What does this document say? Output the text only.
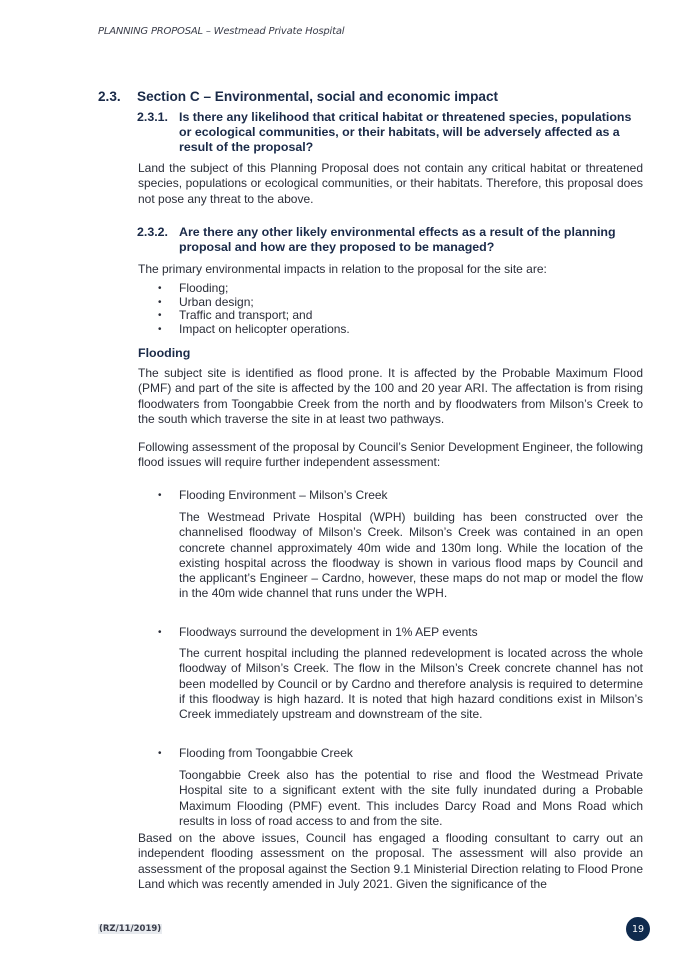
PLANNING PROPOSAL – Westmead Private Hospital
2.3.	Section C – Environmental, social and economic impact
2.3.1. Is there any likelihood that critical habitat or threatened species, populations or ecological communities, or their habitats, will be adversely affected as a result of the proposal?
Land the subject of this Planning Proposal does not contain any critical habitat or threatened species, populations or ecological communities, or their habitats. Therefore, this proposal does not pose any threat to the above.
2.3.2. Are there any other likely environmental effects as a result of the planning proposal and how are they proposed to be managed?
The primary environmental impacts in relation to the proposal for the site are:
•	Flooding;
•	Urban design;
•	Traffic and transport; and
•	Impact on helicopter operations.
Flooding
The subject site is identified as flood prone. It is affected by the Probable Maximum Flood (PMF) and part of the site is affected by the 100 and 20 year ARI. The affectation is from rising floodwaters from Toongabbie Creek from the north and by floodwaters from Milson’s Creek to the south which traverse the site in at least two pathways.
Following assessment of the proposal by Council’s Senior Development Engineer, the following flood issues will require further independent assessment:
•	Flooding Environment – Milson’s Creek
The Westmead Private Hospital (WPH) building has been constructed over the channelised floodway of Milson’s Creek. Milson’s Creek was contained in an open concrete channel approximately 40m wide and 130m long. While the location of the existing hospital across the floodway is shown in various flood maps by Council and the applicant’s Engineer – Cardno, however, these maps do not map or model the flow in the 40m wide channel that runs under the WPH.
•	Floodways surround the development in 1% AEP events
The current hospital including the planned redevelopment is located across the whole floodway of Milson’s Creek. The flow in the Milson’s Creek concrete channel has not been modelled by Council or by Cardno and therefore analysis is required to determine if this floodway is high hazard. It is noted that high hazard conditions exist in Milson’s Creek immediately upstream and downstream of the site.
•	Flooding from Toongabbie Creek
Toongabbie Creek also has the potential to rise and flood the Westmead Private Hospital site to a significant extent with the site fully inundated during a Probable Maximum Flooding (PMF) event. This includes Darcy Road and Mons Road which results in loss of road access to and from the site.
Based on the above issues, Council has engaged a flooding consultant to carry out an independent flooding assessment on the proposal. The assessment will also provide an assessment of the proposal against the Section 9.1 Ministerial Direction relating to Flood Prone Land which was recently amended in July 2021. Given the significance of the
(RZ/11/2019)	19
